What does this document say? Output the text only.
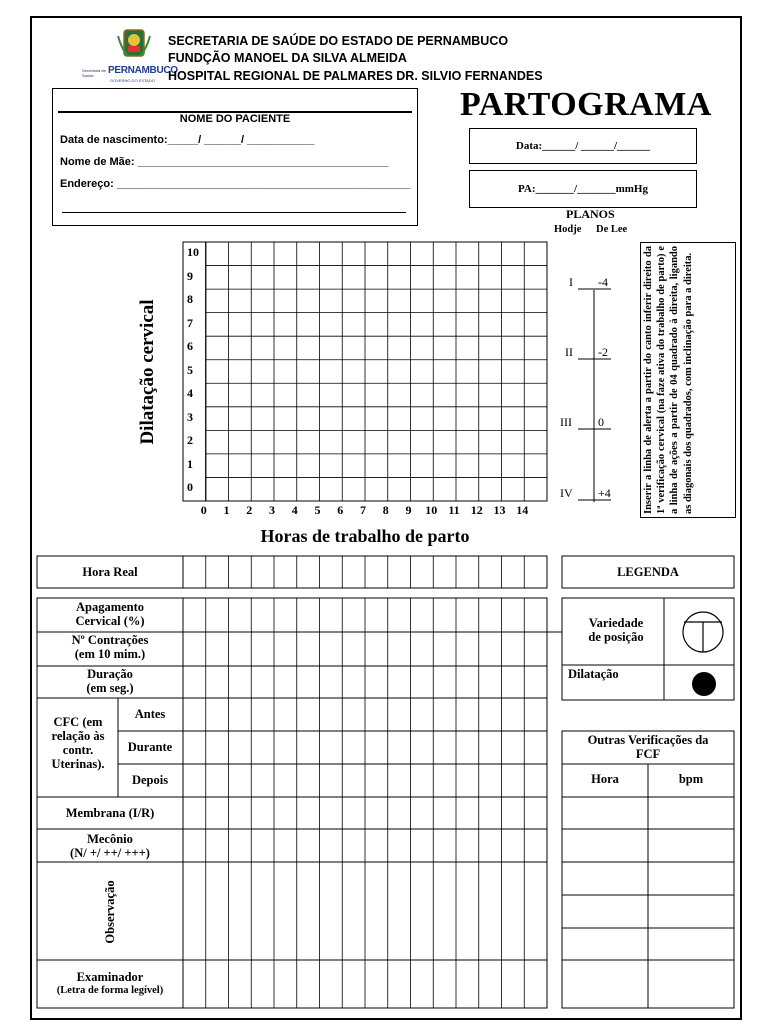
Secretaria de Saúde	PERNAMBUCO
GOVERNO DO ESTADO
SECRETARIA DE SAÚDE DO ESTADO DE PERNAMBUCO
FUNDÇÃO MANOEL DA SILVA ALMEIDA
HOSPITAL REGIONAL DE PALMARES DR. SILVIO FERNANDES
NOME DO PACIENTE
Data de nascimento:_____/ ______/ ___________
Nome de Mãe: _________________________________________
Endereço: ________________________________________________
PARTOGRAMA
Data:______/ ______/______
PA:_______/_______mmHg
PLANOS
Hodje De Lee
Dilatação cervical
10
9
8
7
6
5
4
3
2
1
0
0 1 2 3 4 5 6 7 8 9 10 11 12 13 14
Horas de trabalho de parto
I -4
II -2
III 0
IV +4	Inserir a linha de alerta a partir do canto inferir direito da 1ª verificação cervical (na faze ativa do trabalho de parto) e a linha de ações a partir de 04 quadrado à direita, ligando as diagonais dos quadrados, com inclinação para a direita.
Hora Real
Apagamento
Cervical (%)
Nº Contrações
(em 10 mim.)
Duração
(em seg.)
CFC (em
relação às
contr.
Uterinas).
Antes
Durante
Depois
Membrana (I/R)
Mecônio
(N/ +/ ++/ +++)
Observação
Examinador
(Letra de forma legível)
LEGENDA
Variedade
de posição
Dilatação
Outras Verificações da
FCF
Hora	bpm
